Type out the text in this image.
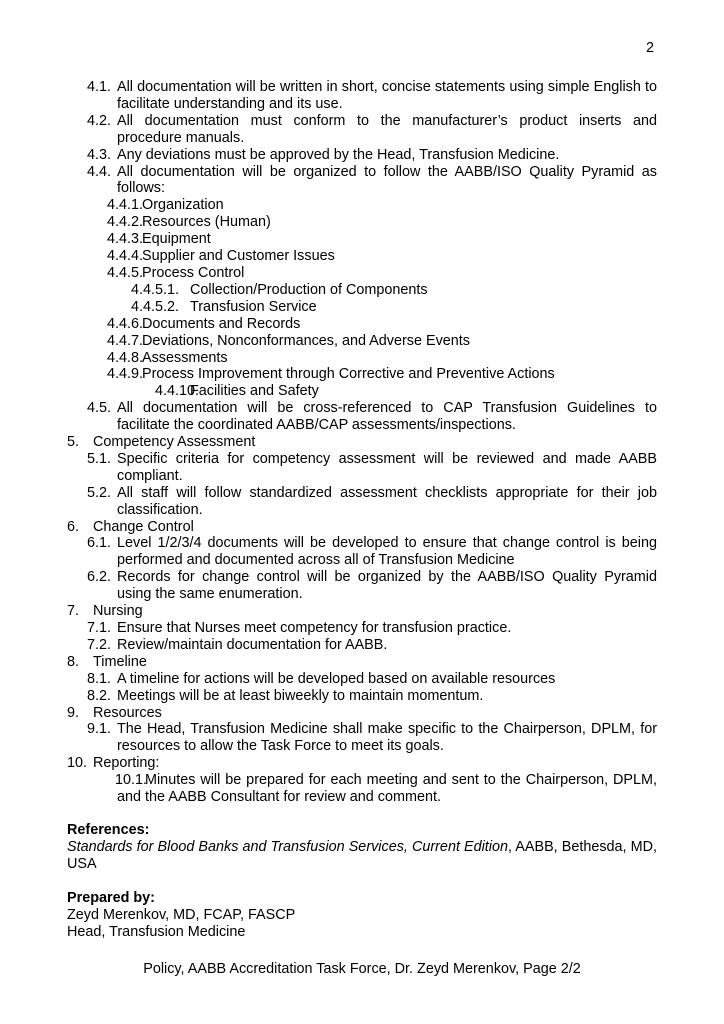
2
4.1. All documentation will be written in short, concise statements using simple English to facilitate understanding and its use.
4.2. All documentation must conform to the manufacturer’s product inserts and procedure manuals.
4.3. Any deviations must be approved by the Head, Transfusion Medicine.
4.4. All documentation will be organized to follow the AABB/ISO Quality Pyramid as follows:
4.4.1.
Organization
4.4.2.
Resources (Human)
4.4.3.
Equipment
4.4.4.
Supplier and Customer Issues
4.4.5.
Process Control
4.4.5.1. Collection/Production of Components
4.4.5.2. Transfusion Service
4.4.6.
Documents and Records
4.4.7.
Deviations, Nonconformances, and Adverse Events
4.4.8.
Assessments
4.4.9.
Process Improvement through Corrective and Preventive Actions
4.4.10.
Facilities and Safety
4.5. All documentation will be cross-referenced to CAP Transfusion Guidelines to facilitate the coordinated AABB/CAP assessments/inspections.
5. Competency Assessment
5.1. Specific criteria for competency assessment will be reviewed and made AABB compliant.
5.2. All staff will follow standardized assessment checklists appropriate for their job classification.
6. Change Control
6.1. Level 1/2/3/4 documents will be developed to ensure that change control is being performed and documented across all of Transfusion Medicine
6.2. Records for change control will be organized by the AABB/ISO Quality Pyramid using the same enumeration.
7. Nursing
7.1. Ensure that Nurses meet competency for transfusion practice.
7.2. Review/maintain documentation for AABB.
8. Timeline
8.1. A timeline for actions will be developed based on available resources
8.2. Meetings will be at least biweekly to maintain momentum.
9. Resources
9.1. The Head, Transfusion Medicine shall make specific to the Chairperson, DPLM, for resources to allow the Task Force to meet its goals.
10. Reporting:
10.1.
Minutes will be prepared for each meeting and sent to the Chairperson, DPLM, and the AABB Consultant for review and comment.
References:
Standards for Blood Banks and Transfusion Services, Current Edition, AABB, Bethesda, MD, USA
Prepared by:
Zeyd Merenkov, MD, FCAP, FASCP
Head, Transfusion Medicine
Policy, AABB Accreditation Task Force, Dr. Zeyd Merenkov, Page 2/2
